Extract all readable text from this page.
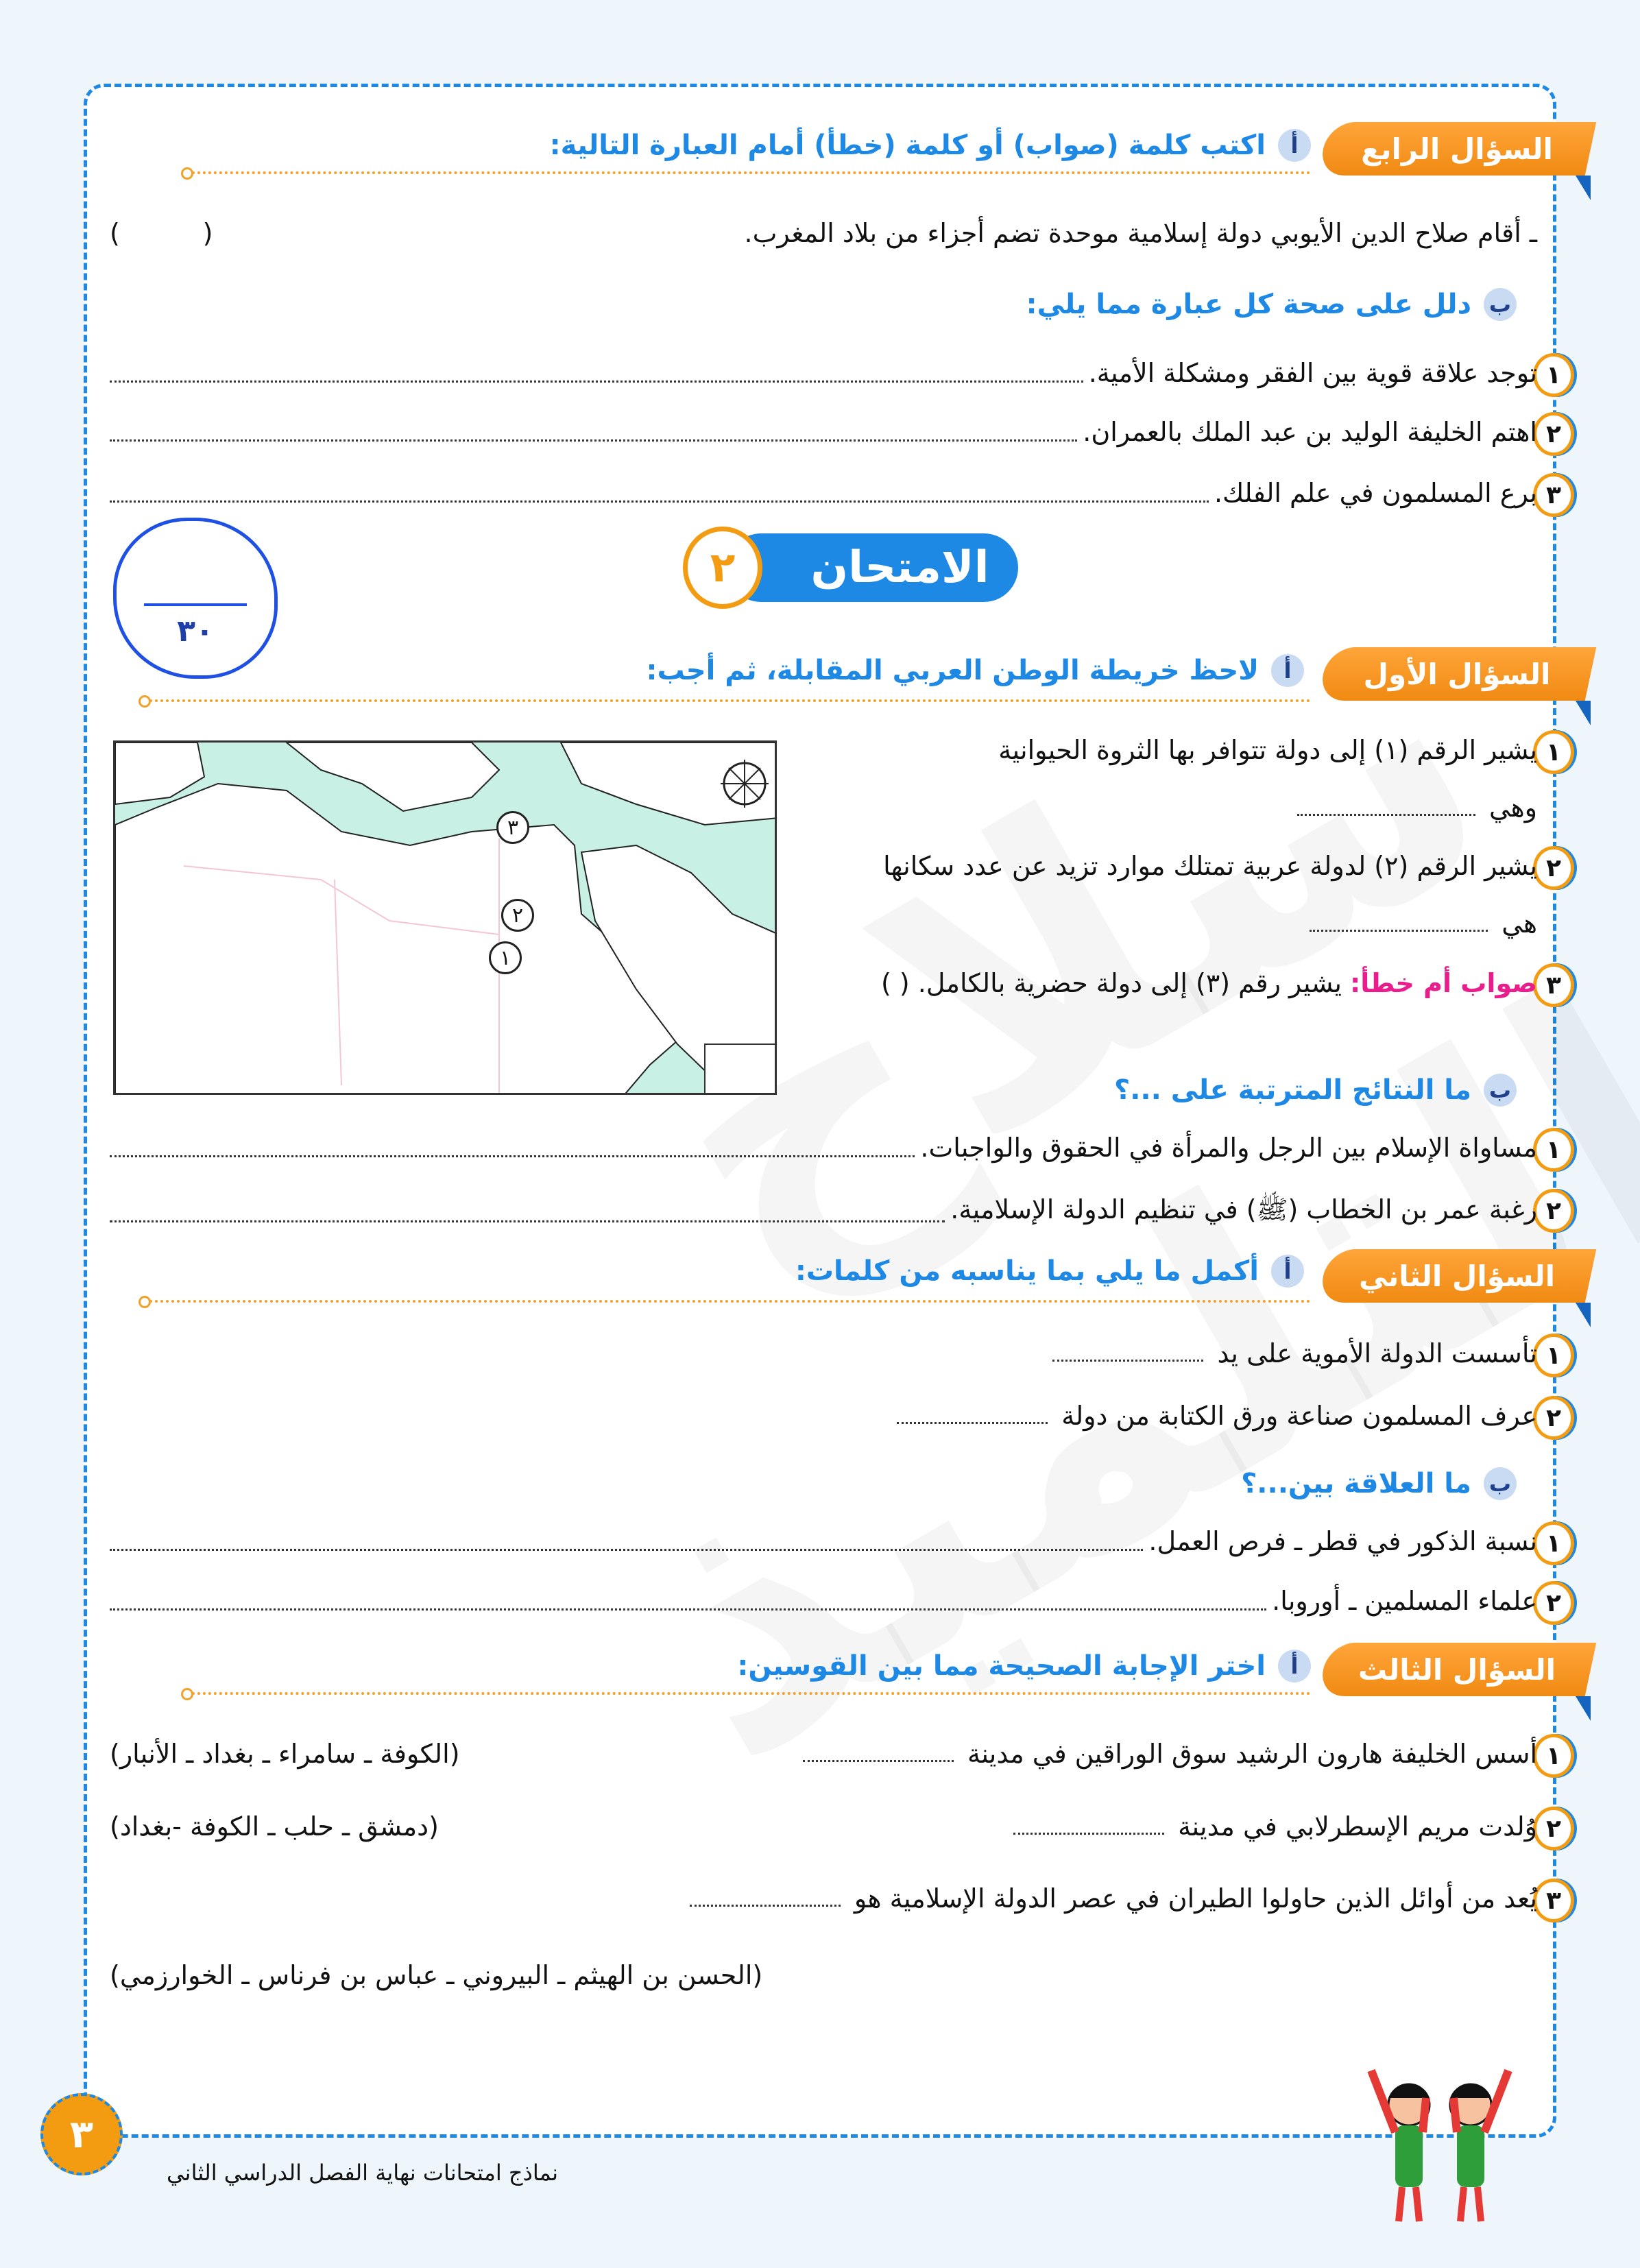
السؤال الرابع
أ
اكتب كلمة (صواب) أو كلمة (خطأ) أمام العبارة التالية:
ـ أقام صلاح الدين الأيوبي دولة إسلامية موحدة تضم أجزاء من بلاد المغرب.
(          )
ب
دلل على صحة كل عبارة مما يلي:
١
توجد علاقة قوية بين الفقر ومشكلة الأمية.
٢
اهتم الخليفة الوليد بن عبد الملك بالعمران.
٣
برع المسلمون في علم الفلك.
الامتحان
٢
٣٠
السؤال الأول
أ
لاحظ خريطة الوطن العربي المقابلة، ثم أجب:
٣
٢
١
١
يشير الرقم (١) إلى دولة تتوافر بها الثروة الحيوانية
وهي
٢
يشير الرقم (٢) لدولة عربية تمتلك موارد تزيد عن عدد سكانها
هي
٣
صواب أم خطأ:

يشير رقم (٣) إلى دولة حضرية بالكامل. ( )
ب
ما النتائج المترتبة على ...؟
١
مساواة الإسلام بين الرجل والمرأة في الحقوق والواجبات.
٢
رغبة عمر بن الخطاب (ﷺ) في تنظيم الدولة الإسلامية.
السؤال الثاني
أ
أكمل ما يلي بما يناسبه من كلمات:
١
تأسست الدولة الأموية على يد
٢
عرف المسلمون صناعة ورق الكتابة من دولة
ب
ما العلاقة بين...؟
١
نسبة الذكور في قطر ـ فرص العمل.
٢
علماء المسلمين ـ أوروبا.
السؤال الثالث
أ
اختر الإجابة الصحيحة مما بين القوسين:
١
أسس الخليفة هارون الرشيد سوق الوراقين في مدينة
(الكوفة ـ سامراء ـ بغداد ـ الأنبار)
٢
وُلدت مريم الإسطرلابي في مدينة
(دمشق ـ حلب ـ الكوفة -بغداد)
٣
يُعد من أوائل الذين حاولوا الطيران في عصر الدولة الإسلامية هو
(الحسن بن الهيثم ـ البيروني ـ عباس بن فرناس ـ الخوارزمي)
٣
نماذج امتحانات نهاية الفصل الدراسي الثاني
